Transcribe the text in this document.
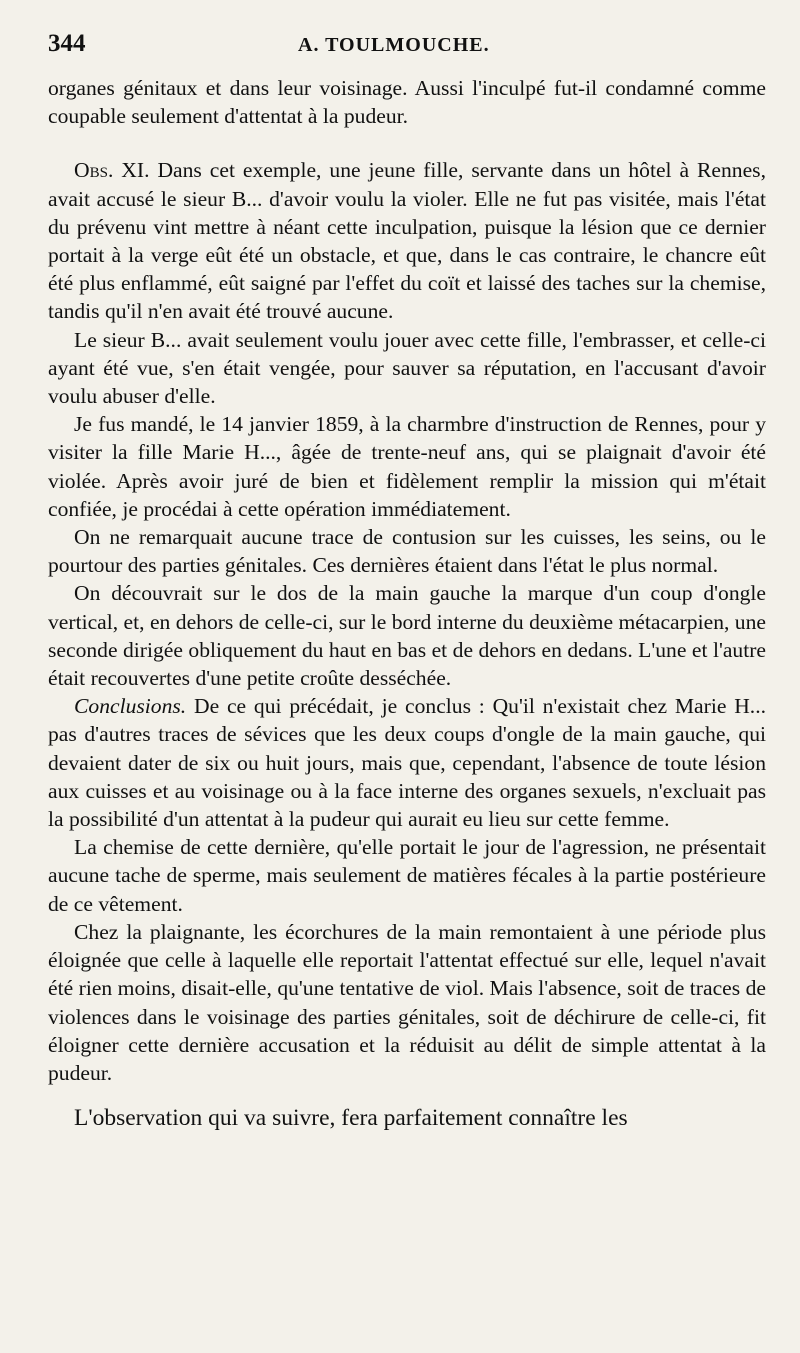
344	A. TOULMOUCHE.

organes génitaux et dans leur voisinage. Aussi l'inculpé fut-il condamné comme coupable seulement d'attentat à la pudeur.

Obs. XI. Dans cet exemple, une jeune fille, servante dans un hôtel à Rennes, avait accusé le sieur B... d'avoir voulu la violer. Elle ne fut pas visitée, mais l'état du prévenu vint mettre à néant cette inculpation, puisque la lésion que ce dernier portait à la verge eût été un obstacle, et que, dans le cas contraire, le chancre eût été plus enflammé, eût saigné par l'effet du coït et laissé des taches sur la chemise, tandis qu'il n'en avait été trouvé aucune.

Le sieur B... avait seulement voulu jouer avec cette fille, l'embrasser, et celle-ci ayant été vue, s'en était vengée, pour sauver sa réputation, en l'accusant d'avoir voulu abuser d'elle.

Je fus mandé, le 14 janvier 1859, à la charmbre d'instruction de Rennes, pour y visiter la fille Marie H..., âgée de trente-neuf ans, qui se plaignait d'avoir été violée. Après avoir juré de bien et fidèlement remplir la mission qui m'était confiée, je procédai à cette opération immédiatement.

On ne remarquait aucune trace de contusion sur les cuisses, les seins, ou le pourtour des parties génitales. Ces dernières étaient dans l'état le plus normal.

On découvrait sur le dos de la main gauche la marque d'un coup d'ongle vertical, et, en dehors de celle-ci, sur le bord interne du deuxième métacarpien, une seconde dirigée obliquement du haut en bas et de dehors en dedans. L'une et l'autre était recouvertes d'une petite croûte desséchée.

Conclusions. De ce qui précédait, je conclus : Qu'il n'existait chez Marie H... pas d'autres traces de sévices que les deux coups d'ongle de la main gauche, qui devaient dater de six ou huit jours, mais que, cependant, l'absence de toute lésion aux cuisses et au voisinage ou à la face interne des organes sexuels, n'excluait pas la possibilité d'un attentat à la pudeur qui aurait eu lieu sur cette femme.

La chemise de cette dernière, qu'elle portait le jour de l'agression, ne présentait aucune tache de sperme, mais seulement de matières fécales à la partie postérieure de ce vêtement.

Chez la plaignante, les écorchures de la main remontaient à une période plus éloignée que celle à laquelle elle reportait l'attentat effectué sur elle, lequel n'avait été rien moins, disait-elle, qu'une tentative de viol. Mais l'absence, soit de traces de violences dans le voisinage des parties génitales, soit de déchirure de celle-ci, fit éloigner cette dernière accusation et la réduisit au délit de simple attentat à la pudeur.

L'observation qui va suivre, fera parfaitement connaître les
